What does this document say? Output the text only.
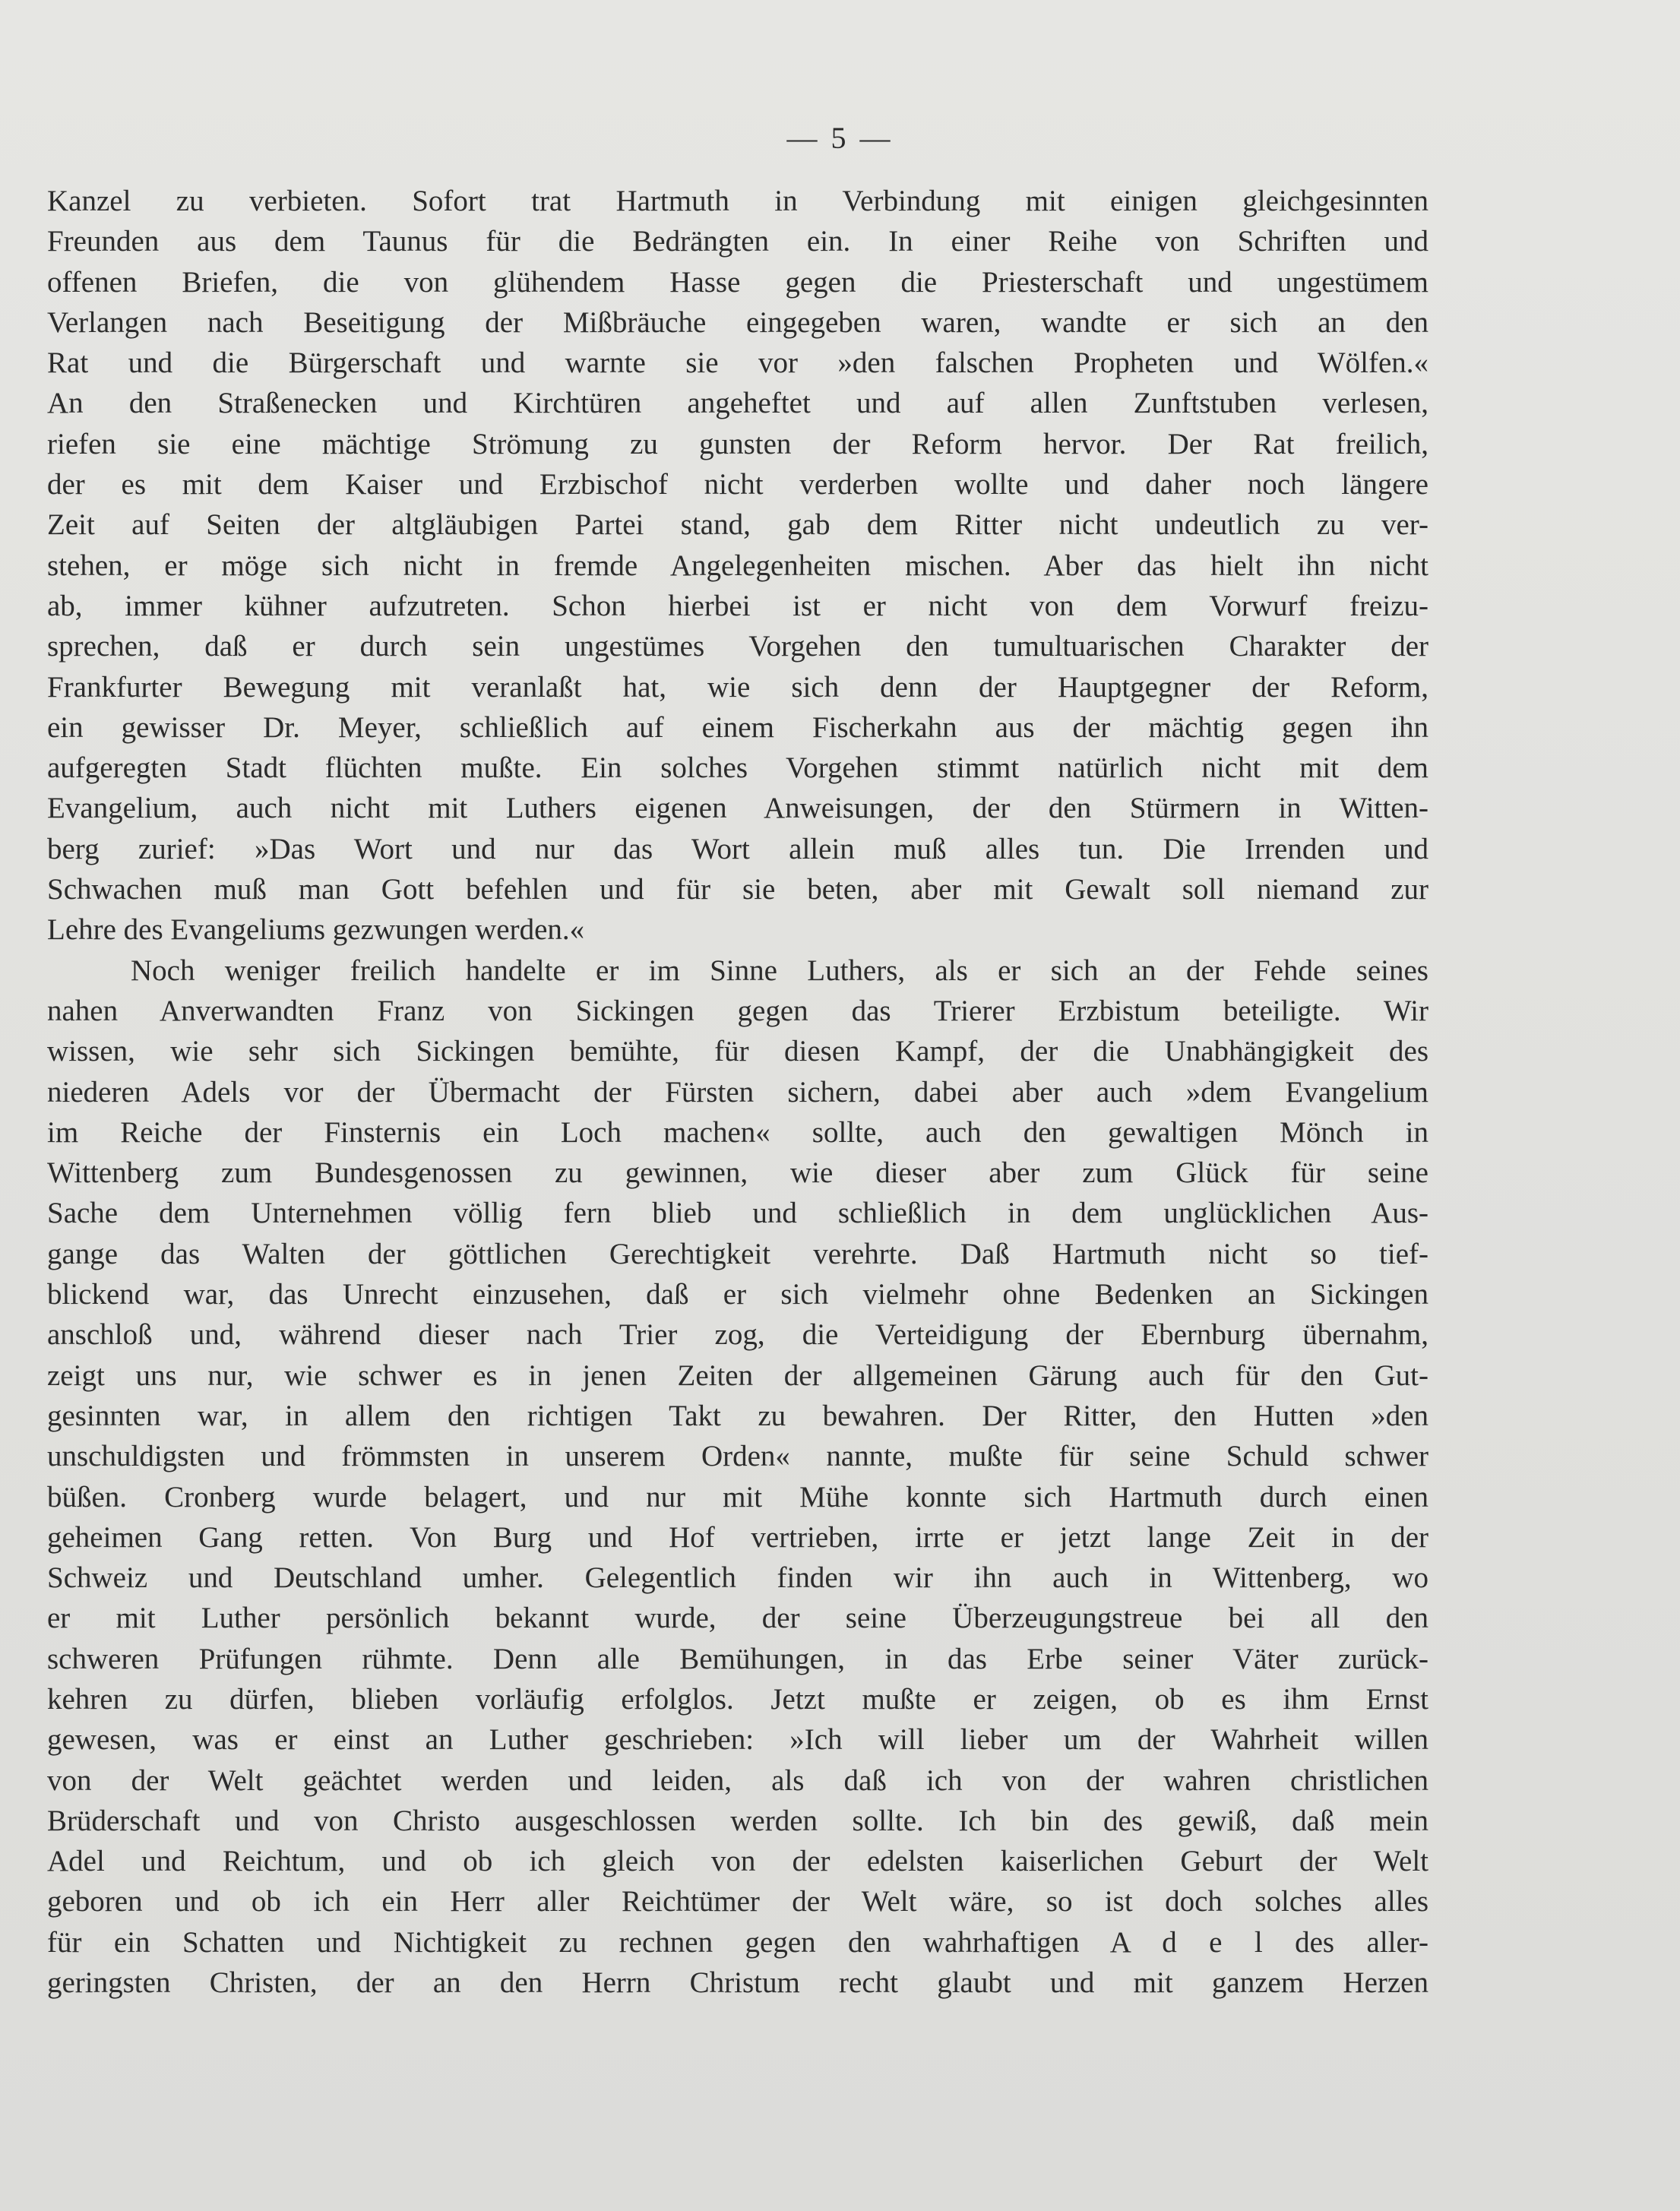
— 5 —
Kanzel zu verbieten. Sofort trat Hartmuth in Verbindung mit einigen gleichgesinnten
Freunden aus dem Taunus für die Bedrängten ein. In einer Reihe von Schriften und
offenen Briefen, die von glühendem Hasse gegen die Priesterschaft und ungestümem
Verlangen nach Beseitigung der Mißbräuche eingegeben waren, wandte er sich an den
Rat und die Bürgerschaft und warnte sie vor »den falschen Propheten und Wölfen.«
An den Straßenecken und Kirchtüren angeheftet und auf allen Zunftstuben verlesen,
riefen sie eine mächtige Strömung zu gunsten der Reform hervor. Der Rat freilich,
der es mit dem Kaiser und Erzbischof nicht verderben wollte und daher noch längere
Zeit auf Seiten der altgläubigen Partei stand, gab dem Ritter nicht undeutlich zu ver-
stehen, er möge sich nicht in fremde Angelegenheiten mischen. Aber das hielt ihn nicht
ab, immer kühner aufzutreten. Schon hierbei ist er nicht von dem Vorwurf freizu-
sprechen, daß er durch sein ungestümes Vorgehen den tumultuarischen Charakter der
Frankfurter Bewegung mit veranlaßt hat, wie sich denn der Hauptgegner der Reform,
ein gewisser Dr. Meyer, schließlich auf einem Fischerkahn aus der mächtig gegen ihn
aufgeregten Stadt flüchten mußte. Ein solches Vorgehen stimmt natürlich nicht mit dem
Evangelium, auch nicht mit Luthers eigenen Anweisungen, der den Stürmern in Witten-
berg zurief: »Das Wort und nur das Wort allein muß alles tun. Die Irrenden und
Schwachen muß man Gott befehlen und für sie beten, aber mit Gewalt soll niemand zur
Lehre des Evangeliums gezwungen werden.«
Noch weniger freilich handelte er im Sinne Luthers, als er sich an der Fehde seines
nahen Anverwandten Franz von Sickingen gegen das Trierer Erzbistum beteiligte. Wir
wissen, wie sehr sich Sickingen bemühte, für diesen Kampf, der die Unabhängigkeit des
niederen Adels vor der Übermacht der Fürsten sichern, dabei aber auch »dem Evangelium
im Reiche der Finsternis ein Loch machen« sollte, auch den gewaltigen Mönch in
Wittenberg zum Bundesgenossen zu gewinnen, wie dieser aber zum Glück für seine
Sache dem Unternehmen völlig fern blieb und schließlich in dem unglücklichen Aus-
gange das Walten der göttlichen Gerechtigkeit verehrte. Daß Hartmuth nicht so tief-
blickend war, das Unrecht einzusehen, daß er sich vielmehr ohne Bedenken an Sickingen
anschloß und, während dieser nach Trier zog, die Verteidigung der Ebernburg übernahm,
zeigt uns nur, wie schwer es in jenen Zeiten der allgemeinen Gärung auch für den Gut-
gesinnten war, in allem den richtigen Takt zu bewahren. Der Ritter, den Hutten »den
unschuldigsten und frömmsten in unserem Orden« nannte, mußte für seine Schuld schwer
büßen. Cronberg wurde belagert, und nur mit Mühe konnte sich Hartmuth durch einen
geheimen Gang retten. Von Burg und Hof vertrieben, irrte er jetzt lange Zeit in der
Schweiz und Deutschland umher. Gelegentlich finden wir ihn auch in Wittenberg, wo
er mit Luther persönlich bekannt wurde, der seine Überzeugungstreue bei all den
schweren Prüfungen rühmte. Denn alle Bemühungen, in das Erbe seiner Väter zurück-
kehren zu dürfen, blieben vorläufig erfolglos. Jetzt mußte er zeigen, ob es ihm Ernst
gewesen, was er einst an Luther geschrieben: »Ich will lieber um der Wahrheit willen
von der Welt geächtet werden und leiden, als daß ich von der wahren christlichen
Brüderschaft und von Christo ausgeschlossen werden sollte. Ich bin des gewiß, daß mein
Adel und Reichtum, und ob ich gleich von der edelsten kaiserlichen Geburt der Welt
geboren und ob ich ein Herr aller Reichtümer der Welt wäre, so ist doch solches alles
für ein Schatten und Nichtigkeit zu rechnen gegen den wahrhaftigen A d e l des aller-
geringsten Christen, der an den Herrn Christum recht glaubt und mit ganzem Herzen
